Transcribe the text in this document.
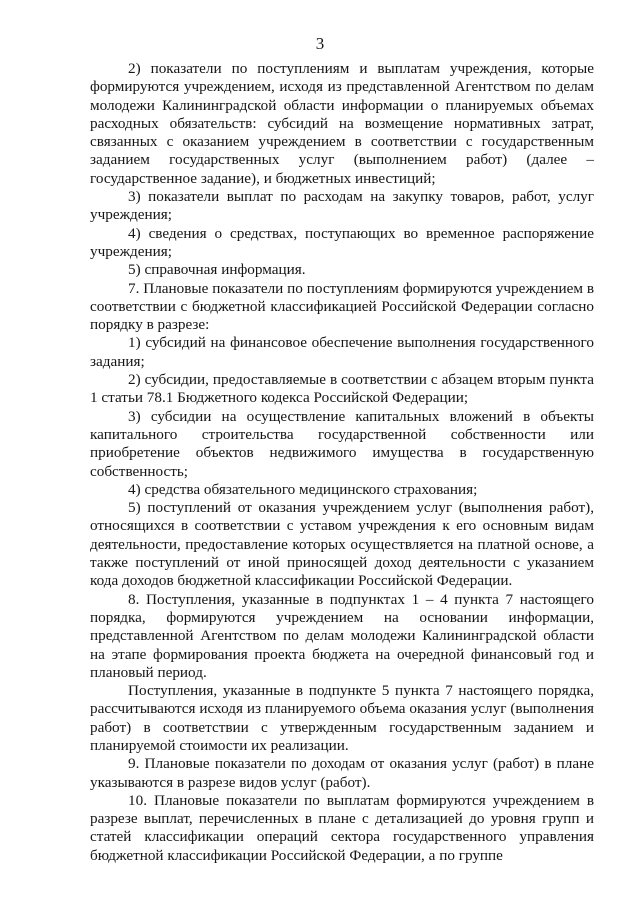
3

2) показатели по поступлениям и выплатам учреждения, которые формируются учреждением, исходя из представленной Агентством по делам молодежи Калининградской области информации о планируемых объемах расходных обязательств: субсидий на возмещение нормативных затрат, связанных с оказанием учреждением в соответствии с государственным заданием государственных услуг (выполнением работ) (далее – государственное задание), и бюджетных инвестиций;

3) показатели выплат по расходам на закупку товаров, работ, услуг учреждения;

4) сведения о средствах, поступающих во временное распоряжение учреждения;

5) справочная информация.

7. Плановые показатели по поступлениям формируются учреждением в соответствии с бюджетной классификацией Российской Федерации согласно порядку в разрезе:

1) субсидий на финансовое обеспечение выполнения государственного задания;

2) субсидии, предоставляемые в соответствии с абзацем вторым пункта 1 статьи 78.1 Бюджетного кодекса Российской Федерации;

3) субсидии на осуществление капитальных вложений в объекты капитального строительства государственной собственности или приобретение объектов недвижимого имущества в государственную собственность;

4) средства обязательного медицинского страхования;

5) поступлений от оказания учреждением услуг (выполнения работ), относящихся в соответствии с уставом учреждения к его основным видам деятельности, предоставление которых осуществляется на платной основе, а также поступлений от иной приносящей доход деятельности с указанием кода доходов бюджетной классификации Российской Федерации.

8. Поступления, указанные в подпунктах 1 – 4 пункта 7 настоящего порядка, формируются учреждением на основании информации, представленной Агентством по делам молодежи Калининградской области на этапе формирования проекта бюджета на очередной финансовый год и плановый период.

Поступления, указанные в подпункте 5 пункта 7 настоящего порядка, рассчитываются исходя из планируемого объема оказания услуг (выполнения работ) в соответствии с утвержденным государственным заданием и планируемой стоимости их реализации.

9. Плановые показатели по доходам от оказания услуг (работ) в плане указываются в разрезе видов услуг (работ).

10. Плановые показатели по выплатам формируются учреждением в разрезе выплат, перечисленных в плане с детализацией до уровня групп и статей классификации операций сектора государственного управления бюджетной классификации Российской Федерации, а по группе
